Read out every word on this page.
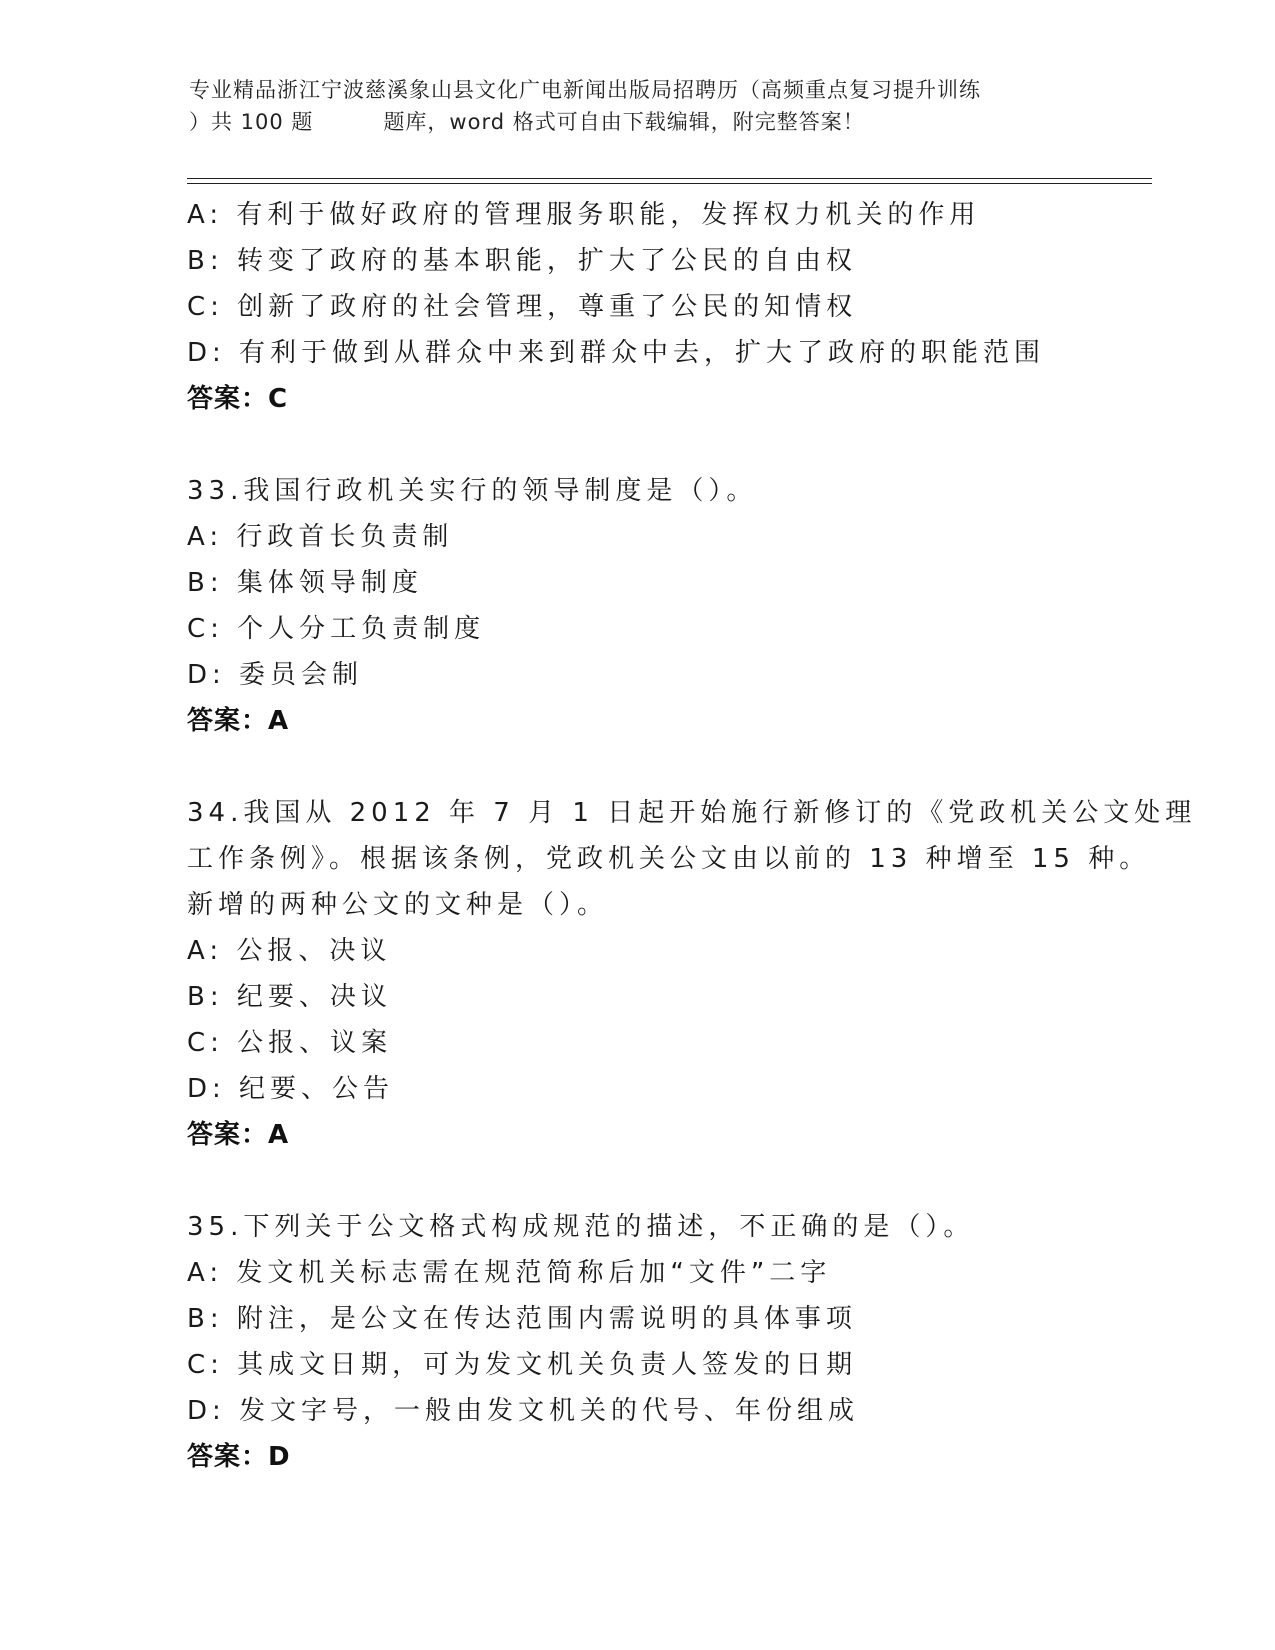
专业精品浙江宁波慈溪象山县文化广电新闻出版局招聘历（高频重点复习提升训练
）共 100 题	题库，word 格式可自由下载编辑，附完整答案！
A: 有利于做好政府的管理服务职能，发挥权力机关的作用
B: 转变了政府的基本职能，扩大了公民的自由权
C: 创新了政府的社会管理，尊重了公民的知情权
D: 有利于做到从群众中来到群众中去，扩大了政府的职能范围
答案：C
33.我国行政机关实行的领导制度是（）。
A: 行政首长负责制
B: 集体领导制度
C: 个人分工负责制度
D: 委员会制
答案：A
34.我国从 2012 年 7 月 1 日起开始施行新修订的《党政机关公文处理
工作条例》。根据该条例，党政机关公文由以前的 13 种增至 15 种。
新增的两种公文的文种是（）。
A: 公报、决议
B: 纪要、决议
C: 公报、议案
D: 纪要、公告
答案：A
35.下列关于公文格式构成规范的描述，不正确的是（）。
A: 发文机关标志需在规范简称后加“文件”二字
B: 附注，是公文在传达范围内需说明的具体事项
C: 其成文日期，可为发文机关负责人签发的日期
D: 发文字号，一般由发文机关的代号、年份组成
答案：D
